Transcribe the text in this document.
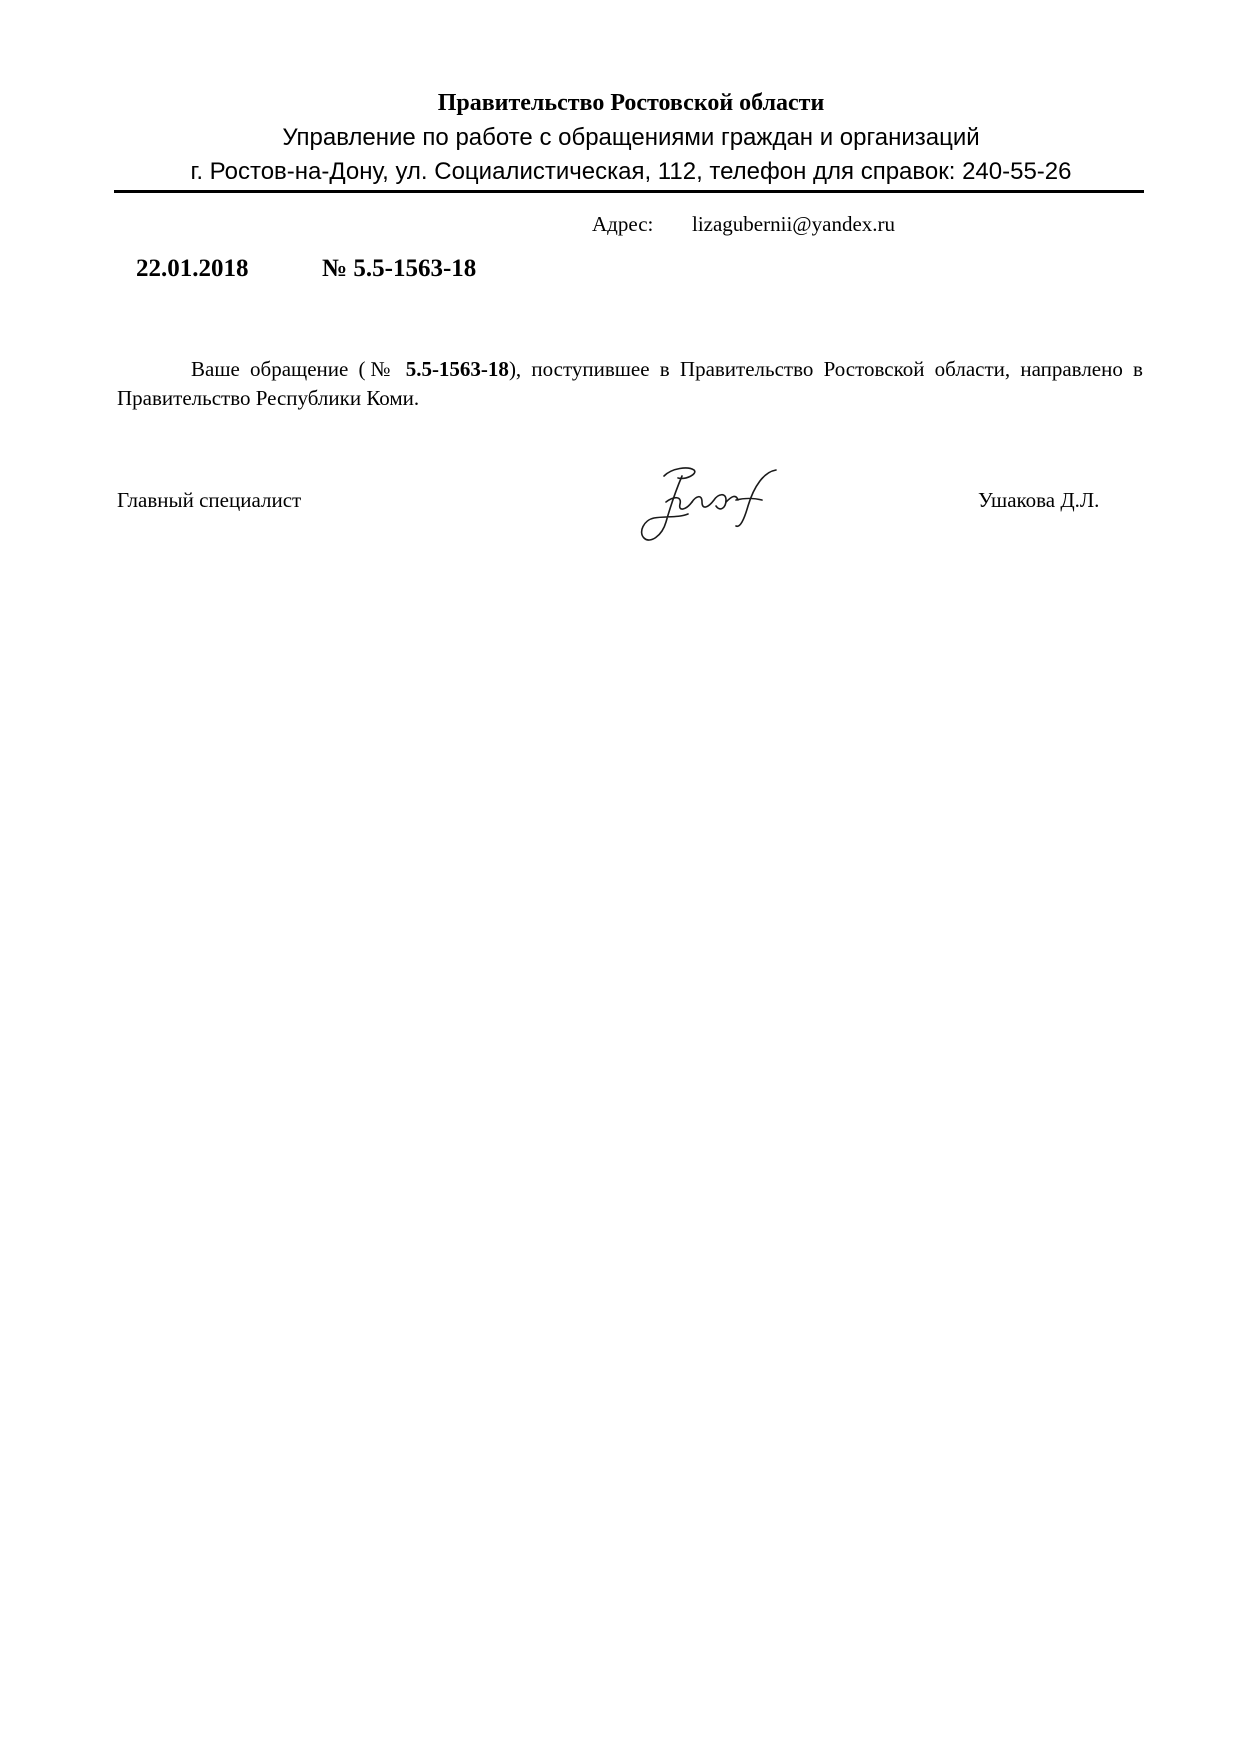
Правительство Ростовской области
Управление по работе с обращениями граждан и организаций
г. Ростов-на-Дону, ул. Социалистическая, 112, телефон для справок: 240-55-26
Адрес: lizagubernii@yandex.ru
22.01.2018	№ 5.5-1563-18
Ваше обращение (№ 5.5-1563-18), поступившее в Правительство Ростовской области, направлено в Правительство Республики Коми.
Главный специалист	Ушакова Д.Л.
